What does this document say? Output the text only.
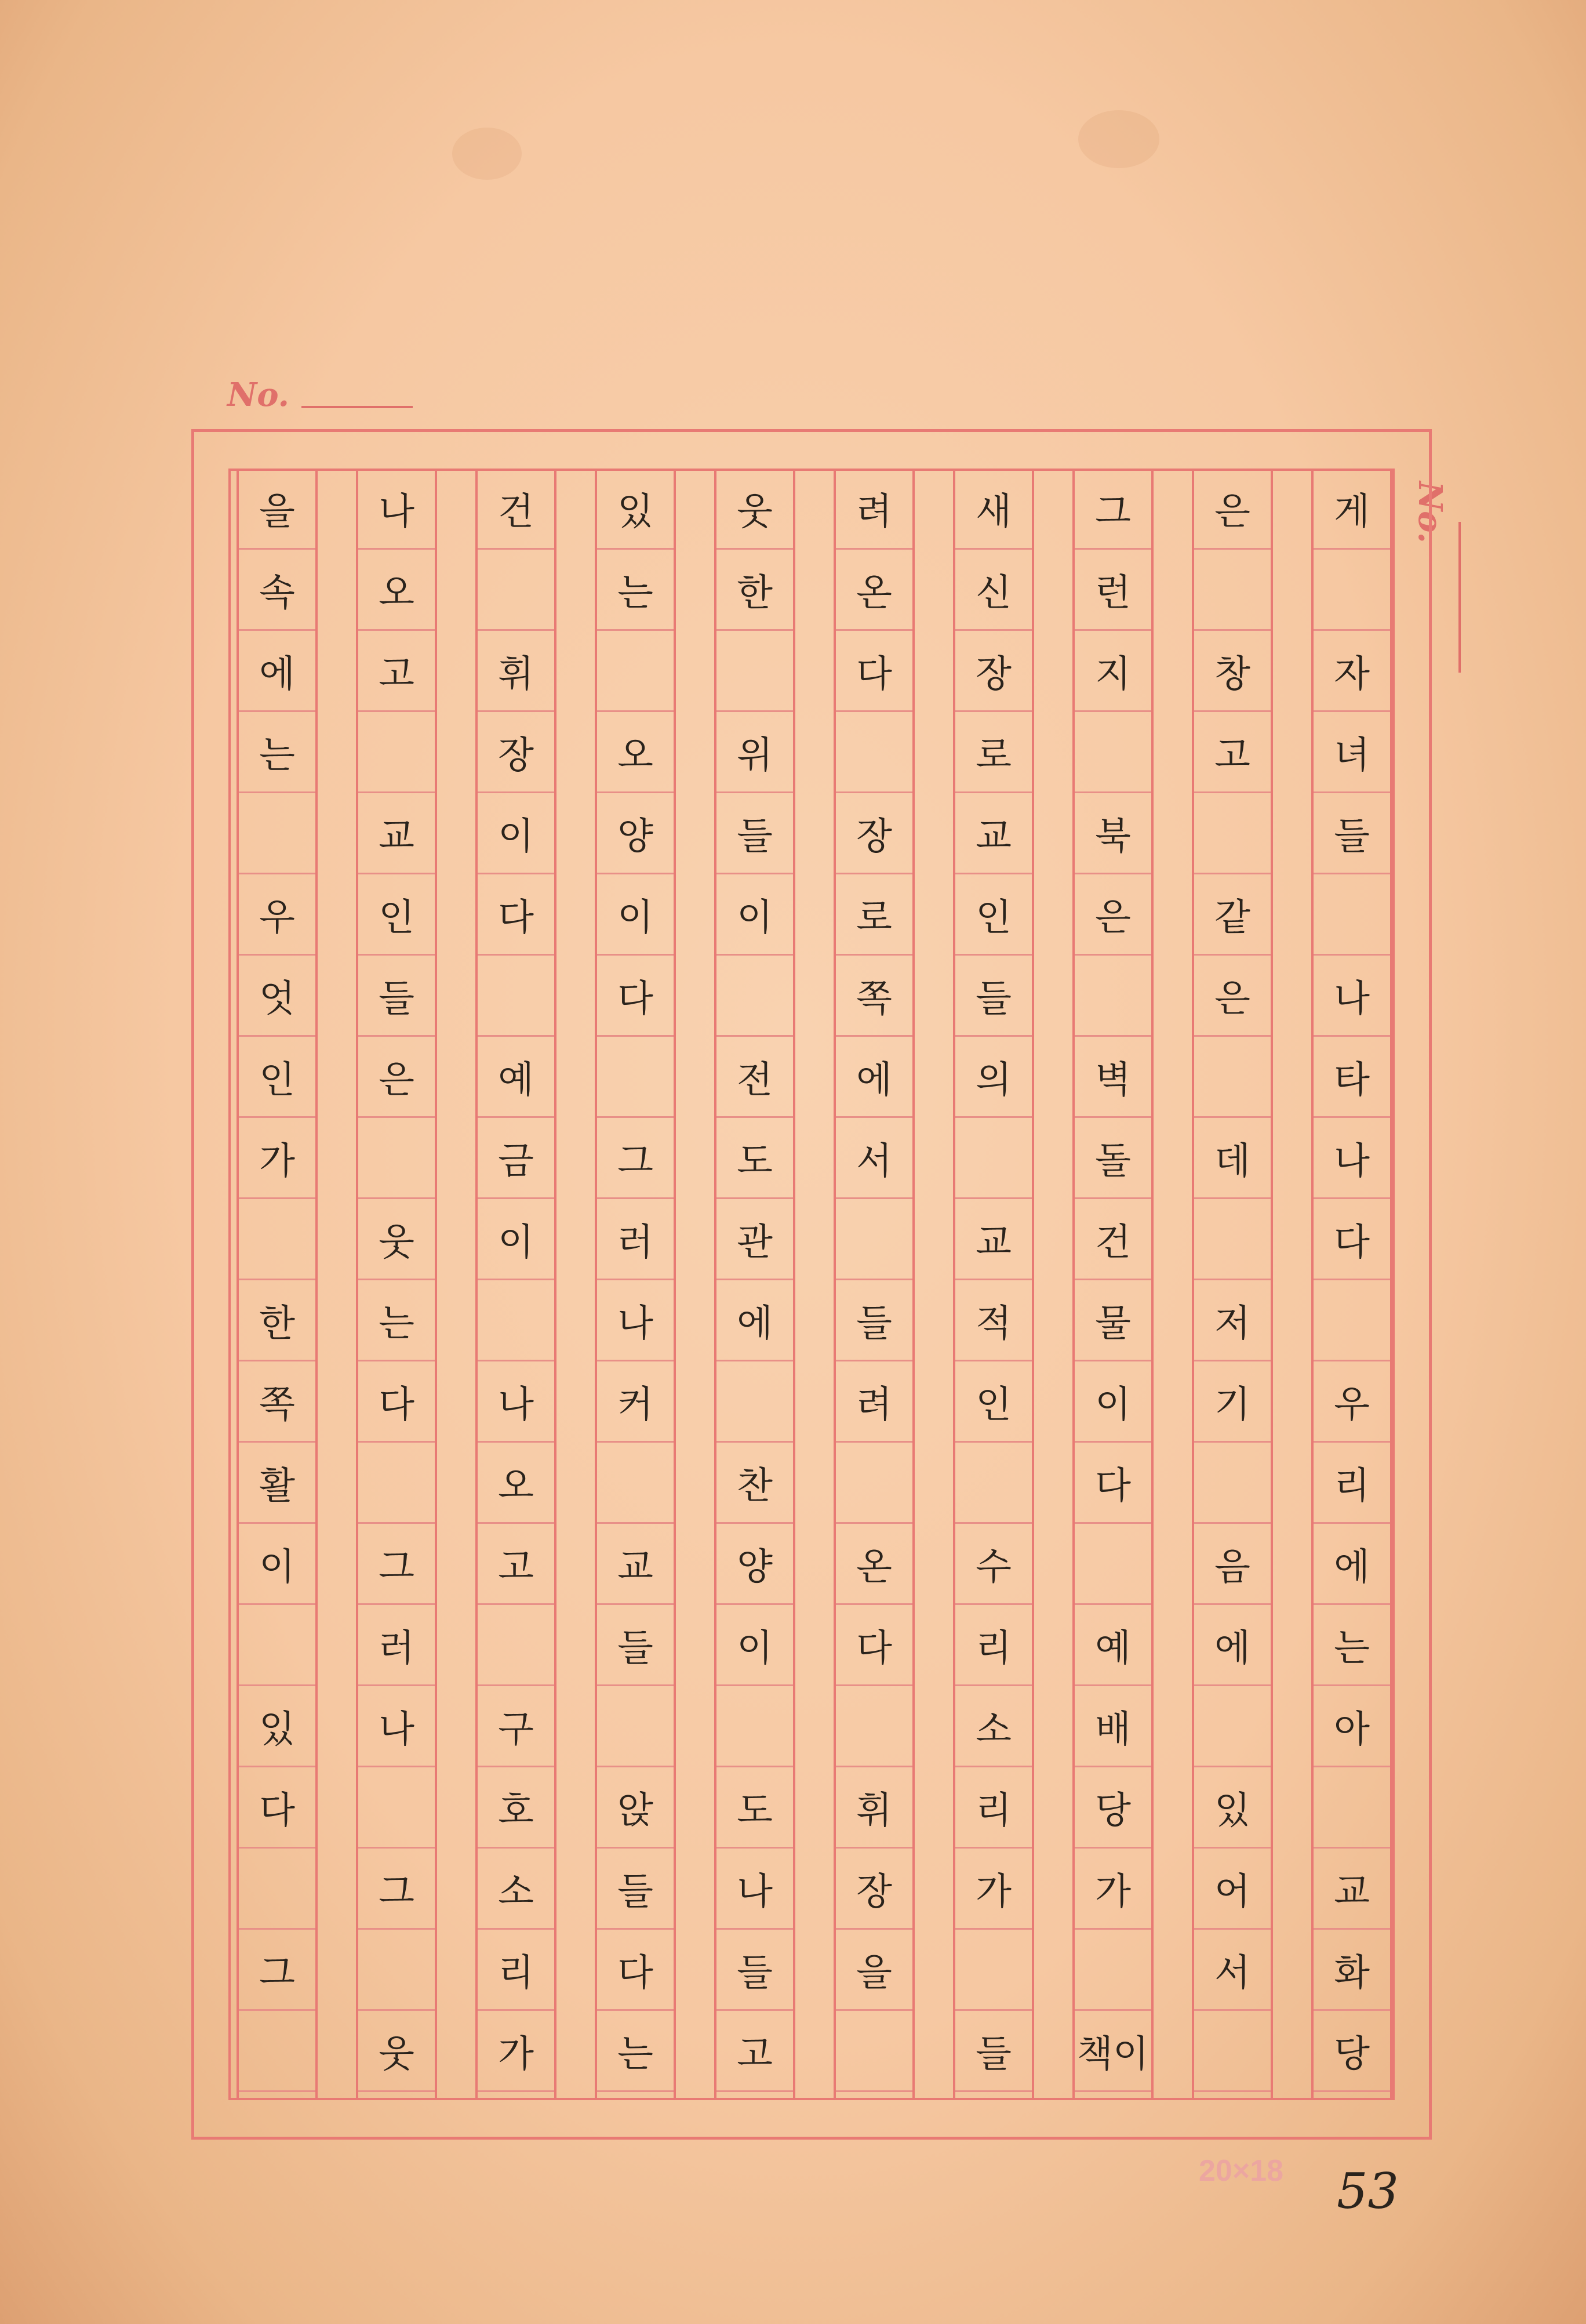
No.
No.
게
자
녀
들
나
타
나
다
우
리
에
는
아
교
화
당
은
창
고
같
은
데
저
기
음
에
있
어
서
그
런
지
북
은
벽
돌
건
물
이
다
예
배
당
가
책이
새
신
장
로
교
인
들
의
교
적
인
수
리
소
리
가
들
려
온
다
장
로
쪽
에
서
들
려
온
다
휘
장
을
웃
한
위
들
이
전
도
관
에
찬
양
이
도
나
들
고
있
는
오
양
이
다
그
러
나
커
교
들
앉
들
다
는
건
휘
장
이
다
예
금
이
나
오
고
구
호
소
리
가
나
오
고
교
인
들
은
웃
는
다
그
러
나
그
웃
을
속
에
는
우
엇
인
가
한
쪽
활
이
있
다
그
20×18 53
